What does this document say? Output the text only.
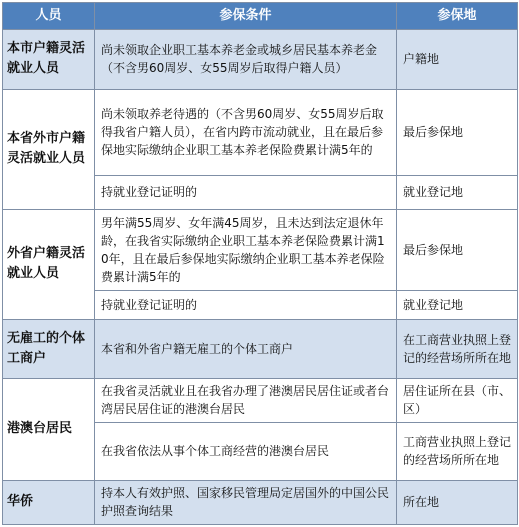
人员	参保条件	参保地
本市户籍灵活就业人员	尚未领取企业职工基本养老金或城乡居民基本养老金（不含男60周岁、女55周岁后取得户籍人员）	户籍地
本省外市户籍灵活就业人员	尚未领取养老待遇的（不含男60周岁、女55周岁后取得我省户籍人员），在省内跨市流动就业，且在最后参保地实际缴纳企业职工基本养老保险费累计满5年的	最后参保地
	持就业登记证明的	就业登记地
外省户籍灵活就业人员	男年满55周岁、女年满45周岁，且未达到法定退休年龄，在我省实际缴纳企业职工基本养老保险费累计满10年，且在最后参保地实际缴纳企业职工基本养老保险费累计满5年的	最后参保地
	持就业登记证明的	就业登记地
无雇工的个体工商户	本省和外省户籍无雇工的个体工商户	在工商营业执照上登记的经营场所所在地
港澳台居民	在我省灵活就业且在我省办理了港澳居民居住证或者台湾居民居住证的港澳台居民	居住证所在县（市、区）
	在我省依法从事个体工商经营的港澳台居民	工商营业执照上登记的经营场所所在地
华侨	持本人有效护照、国家移民管理局定居国外的中国公民护照查询结果	所在地
